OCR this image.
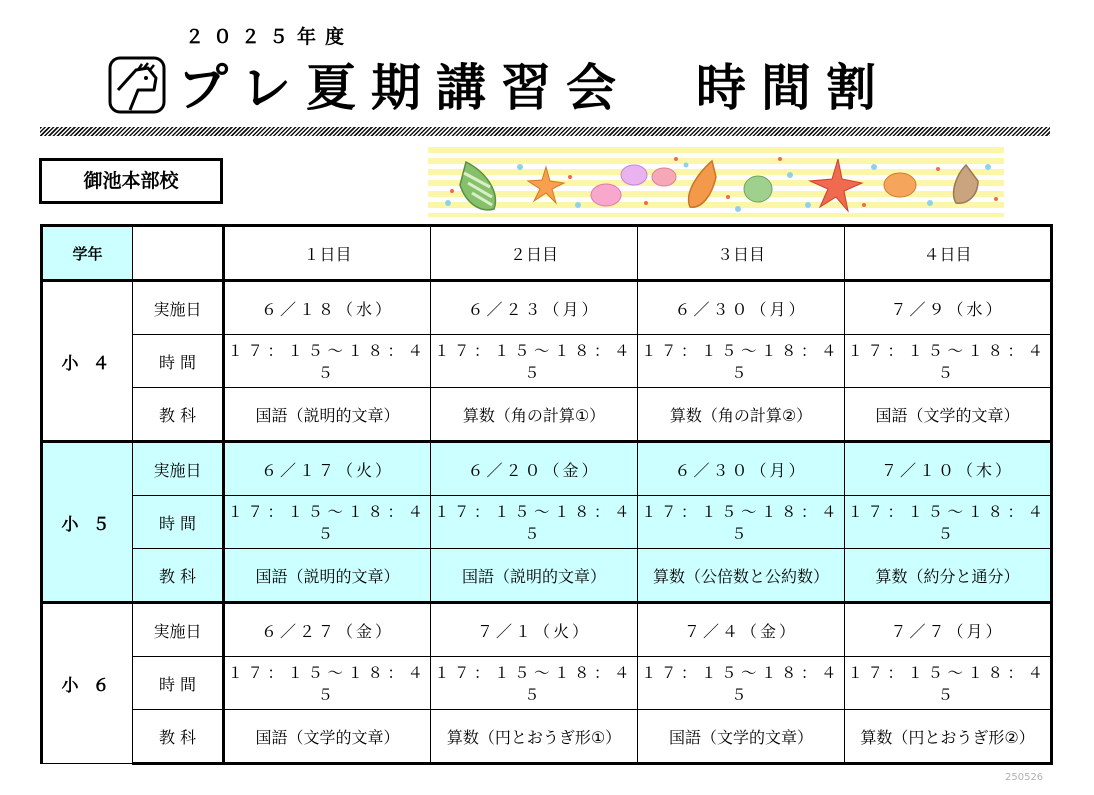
２０２５年度
プレ夏期講習会　時間割
御池本部校
学年		１日目	２日目	３日目	４日目
小 ４	実施日	６／１８（水）	６／２３（月）	６／３０（月）	７／９（水）
	時 間	１７：１５～１８：４５	１７：１５～１８：４５	１７：１５～１８：４５	１７：１５～１８：４５
	教 科	国語（説明的文章）	算数（角の計算①）	算数（角の計算②）	国語（文学的文章）
小 ５	実施日	６／１７（火）	６／２０（金）	６／３０（月）	７／１０（木）
	時 間	１７：１５～１８：４５	１７：１５～１８：４５	１７：１５～１８：４５	１７：１５～１８：４５
	教 科	国語（説明的文章）	国語（説明的文章）	算数（公倍数と公約数）	算数（約分と通分）
小 ６	実施日	６／２７（金）	７／１（火）	７／４（金）	７／７（月）
	時 間	１７：１５～１８：４５	１７：１５～１８：４５	１７：１５～１８：４５	１７：１５～１８：４５
	教 科	国語（文学的文章）	算数（円とおうぎ形①）	国語（文学的文章）	算数（円とおうぎ形②）
250526
